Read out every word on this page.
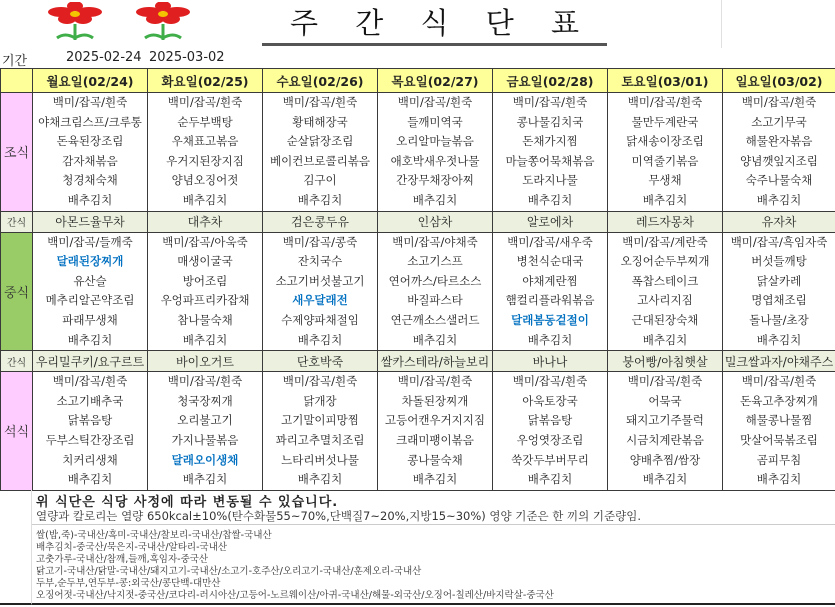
주 간 식 단 표
기간	2025-02-24 2025-03-02
	월요일(02/24)	화요일(02/25)	수요일(02/26)	목요일(02/27)	금요일(02/28)	토요일(03/01)	일요일(03/02)
조식	
백미/잡곡/흰죽
야채크림스프/크루통
돈육된장조림
감자채볶음
청경채숙채
배추김치

백미/잡곡/흰죽
순두부백탕
우채표고볶음
우거지된장지짐
양념오징어젓
배추김치

백미/잡곡/흰죽
황태해장국
순살닭장조림
베이컨브로콜리볶음
김구이
배추김치

백미/잡곡/흰죽
들깨미역국
오리알마늘볶음
애호박새우젓나물
간장무채장아찌
배추김치

백미/잡곡/흰죽
콩나물김치국
돈채가지찜
마늘쫑어묵채볶음
도라지나물
배추김치

백미/잡곡/흰죽
물만두계란국
닭새송이장조림
미역줄기볶음
무생채
배추김치

백미/잡곡/흰죽
소고기무국
해물완자볶음
양념깻잎지조림
숙주나물숙채
배추김치

간식	아몬드율무차	대추차	검은콩두유	인삼차	알로에차	레드자몽차	유자차
중식	
백미/잡곡/들깨죽
달래된장찌개
유산슬
메추리알곤약조림
파래무생채
배추김치

백미/잡곡/아욱죽
매생이굴국
방어조림
우엉파프리카잡채
참나물숙채
배추김치

백미/잡곡/콩죽
잔치국수
소고기버섯불고기
새우달래전
수제양파채절임
배추김치

백미/잡곡/야채죽
소고기스프
연어까스/타르소스
바질파스타
연근깨소스샐러드
배추김치

백미/잡곡/새우죽
병천식순대국
야채계란찜
햄컬리플라워볶음
달래봄동겉절이
배추김치

백미/잡곡/계란죽
오징어순두부찌개
폭찹스테이크
고사리지짐
근대된장숙채
배추김치

백미/잡곡/흑임자죽
버섯들깨탕
닭살카레
명엽채조림
돌나물/초장
배추김치

간식	우리밀쿠키/요구르트	바이오거트	단호박죽	쌀카스테라/하늘보리	바나나	붕어빵/아침햇살	밀크쌀과자/야채주스
석식	
백미/잡곡/흰죽
소고기배추국
닭볶음탕
두부스틱간장조림
치커리생채
배추김치

백미/잡곡/흰죽
청국장찌개
오리불고기
가지나물볶음
달래오이생채
배추김치

백미/잡곡/흰죽
닭개장
고기말이피망찜
꽈리고추멸치조림
느타리버섯나물
배추김치

백미/잡곡/흰죽
차돌된장찌개
고등어캔우거지지짐
크래미팽이볶음
콩나물숙채
배추김치

백미/잡곡/흰죽
아욱토장국
닭볶음탕
우엉엿장조림
쑥갓두부버무리
배추김치

백미/잡곡/흰죽
어묵국
돼지고기주물럭
시금치계란볶음
양배추찜/쌈장
배추김치

백미/잡곡/흰죽
돈육고추장찌개
해물콩나물찜
맛살어묵볶조림
곰피무침
배추김치
위 식단은 식당 사정에 따라 변동될 수 있습니다.
열량과 칼로리는 열량 650kcal±10%(탄수화물55~70%,단백질7~20%,지방15~30%) 영양 기준은 한 끼의 기준량임.
쌀(밥,죽)-국내산/흑미-국내산/찰보리-국내산/찹쌀-국내산
배추김치-중국산/묵은지-국내산/알타리-국내산
고춧가루-국내산/참깨,들깨,흑임자-중국산
닭고기-국내산/닭말-국내산/돼지고기-국내산/소고기-호주산/오리고기-국내산/훈제오리-국내산
두부,순두부,연두부-콩:외국산/콩단백-대만산
오징어젓-국내산/낙지젓-중국산/코다리-러시아산/고등어-노르웨이산/아귀-국내산/해물-외국산/오징어-칠레산/바지락살-중국산
